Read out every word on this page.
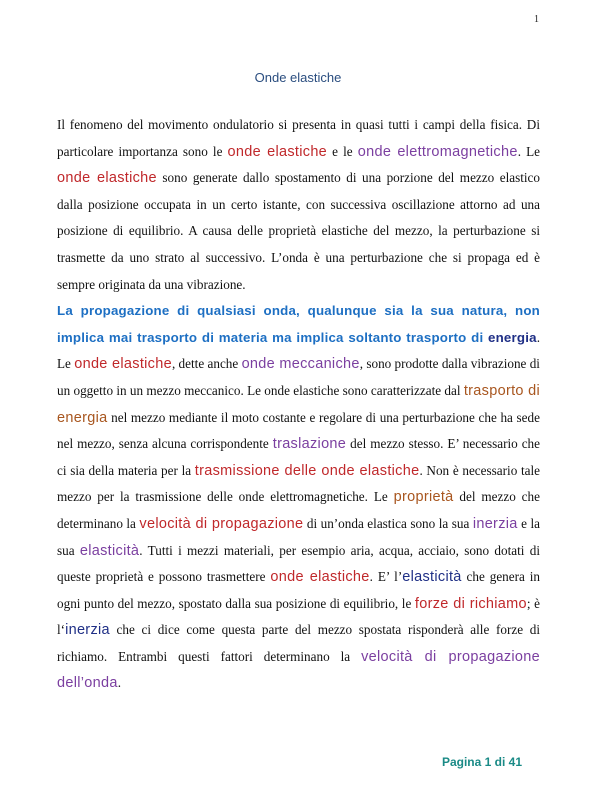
1
Onde elastiche

Il fenomeno del movimento ondulatorio si presenta in quasi tutti i campi della fisica. Di particolare importanza sono le onde elastiche e le onde elettromagnetiche. Le onde elastiche sono generate dallo spostamento di una porzione del mezzo elastico dalla posizione occupata in un certo istante, con successiva oscillazione attorno ad una posizione di equilibrio. A causa delle proprietà elastiche del mezzo, la perturbazione si trasmette da uno strato al successivo. L’onda è una perturbazione che si propaga ed è sempre originata da una vibrazione.
La propagazione di qualsiasi onda, qualunque sia la sua natura, non implica mai trasporto di materia ma implica soltanto trasporto di energia. Le onde elastiche, dette anche onde meccaniche, sono prodotte dalla vibrazione di un oggetto in un mezzo meccanico. Le onde elastiche sono caratterizzate dal trasporto di energia nel mezzo mediante il moto costante e regolare di una perturbazione che ha sede nel mezzo, senza alcuna corrispondente traslazione del mezzo stesso. E’ necessario che ci sia della materia per la trasmissione delle onde elastiche. Non è necessario tale mezzo per la trasmissione delle onde elettromagnetiche. Le proprietà del mezzo che determinano la velocità di propagazione di un’onda elastica sono la sua inerzia e la sua elasticità. Tutti i mezzi materiali, per esempio aria, acqua, acciaio, sono dotati di queste proprietà e possono trasmettere onde elastiche. E’ l’elasticità che genera in ogni punto del mezzo, spostato dalla sua posizione di equilibrio, le forze di richiamo; è l‘inerzia che ci dice come questa parte del mezzo spostata risponderà alle forze di richiamo. Entrambi questi fattori determinano la velocità di propagazione dell’onda.

Pagina 1 di 41
